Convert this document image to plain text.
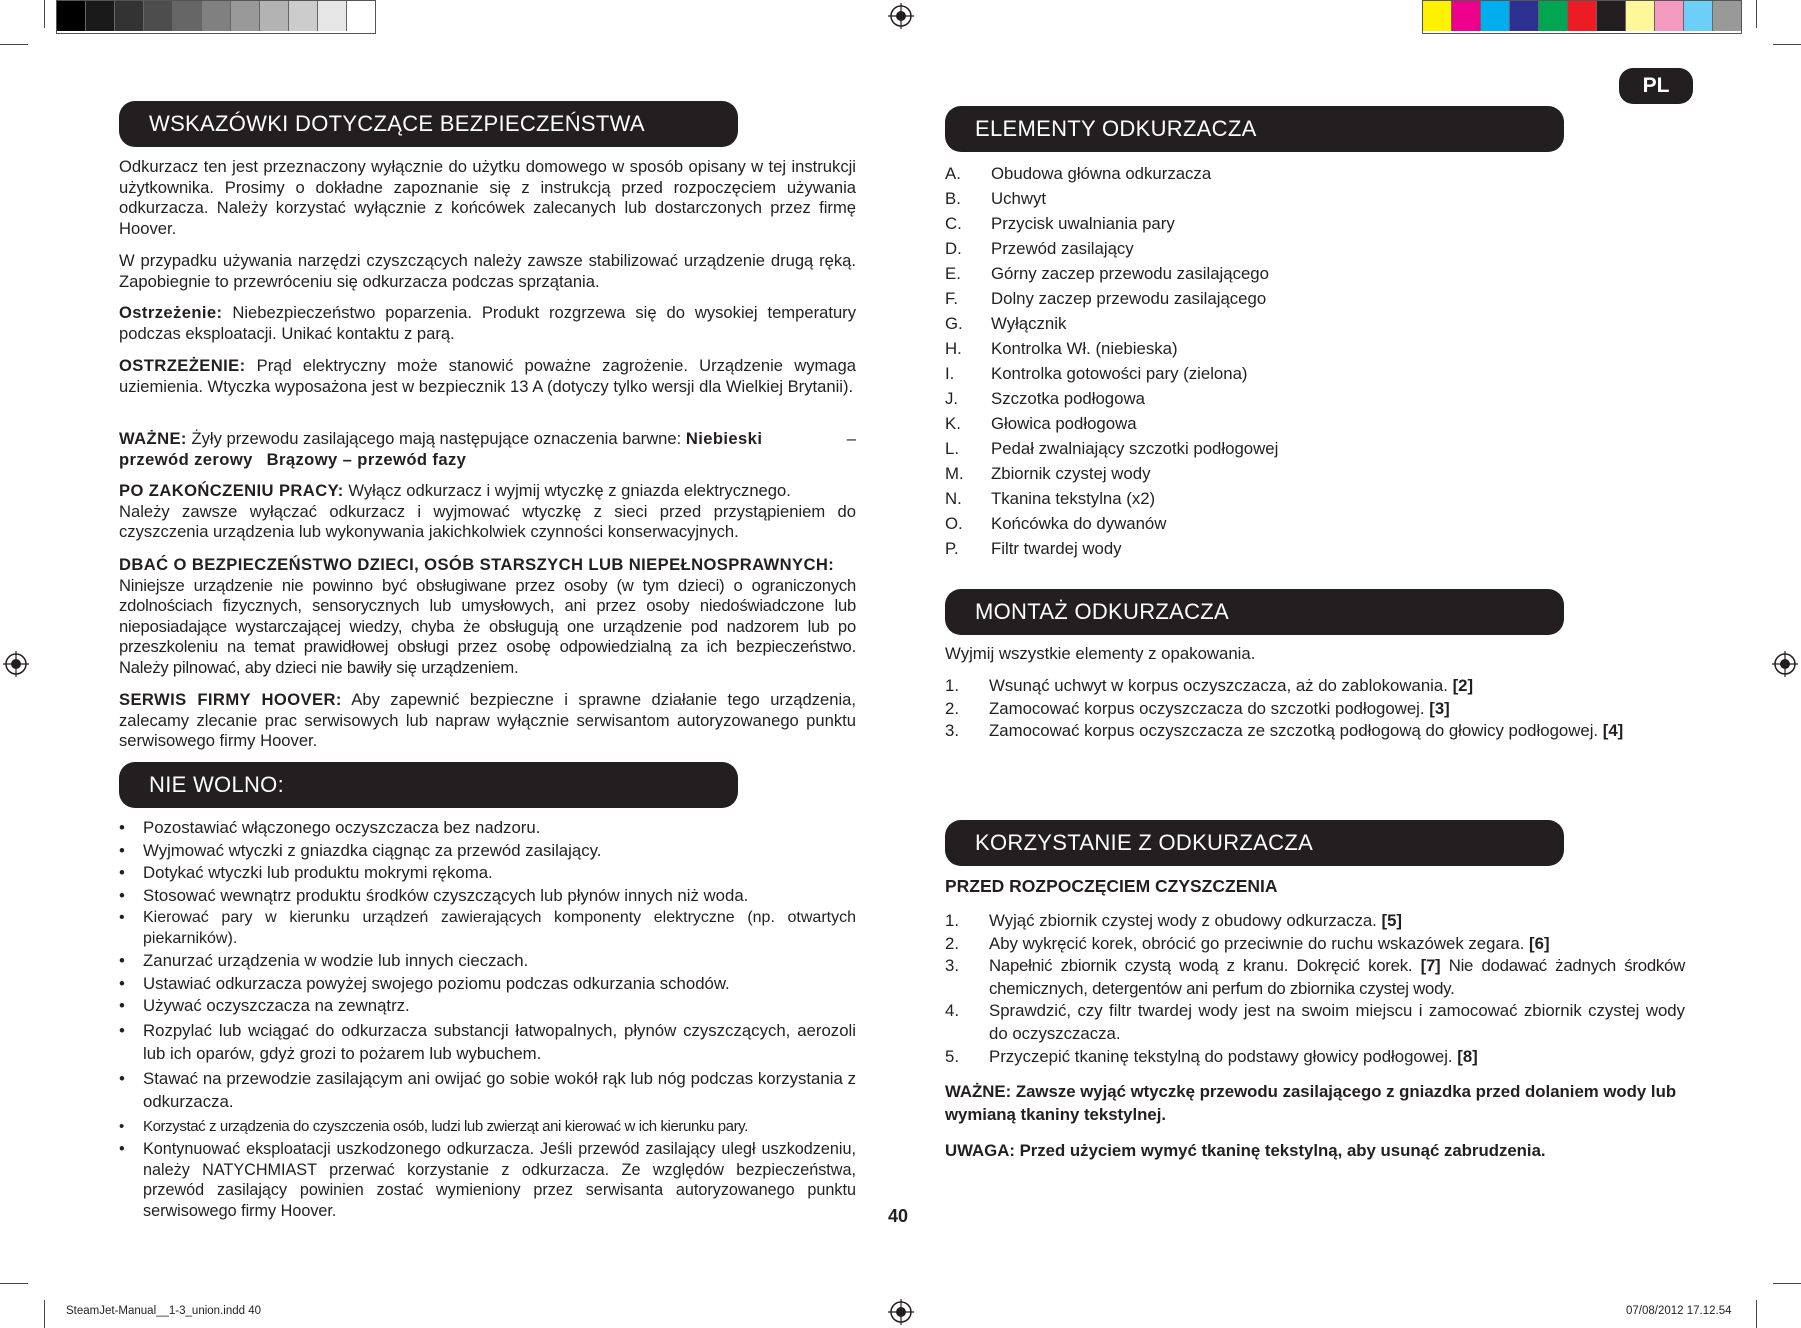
PL
WSKAZÓWKI DOTYCZĄCE BEZPIECZEŃSTWA

Odkurzacz ten jest przeznaczony wyłącznie do użytku domowego w sposób opisany w tej instrukcji użytkownika. Prosimy o dokładne zapoznanie się z instrukcją przed rozpoczęciem używania odkurzacza. Należy korzystać wyłącznie z końcówek zalecanych lub dostarczonych przez firmę Hoover.

W przypadku używania narzędzi czyszczących należy zawsze stabilizować urządzenie drugą ręką. Zapobiegnie to przewróceniu się odkurzacza podczas sprzątania.

Ostrzeżenie: Niebezpieczeństwo poparzenia. Produkt rozgrzewa się do wysokiej temperatury podczas eksploatacji. Unikać kontaktu z parą.

OSTRZEŻENIE: Prąd elektryczny może stanowić poważne zagrożenie. Urządzenie wymaga uziemienia. Wtyczka wyposażona jest w bezpiecznik 13 A (dotyczy tylko wersji dla Wielkiej Brytanii).

WAŻNE: Żyły przewodu zasilającego mają następujące oznaczenia barwne: Niebieski	–

przewód zerowy Brązowy – przewód fazy

PO ZAKOŃCZENIU PRACY: Wyłącz odkurzacz i wyjmij wtyczkę z gniazda elektrycznego.
Należy zawsze wyłączać odkurzacz i wyjmować wtyczkę z sieci przed przystąpieniem do czyszczenia urządzenia lub wykonywania jakichkolwiek czynności konserwacyjnych.

DBAĆ O BEZPIECZEŃSTWO DZIECI, OSÓB STARSZYCH LUB NIEPEŁNOSPRAWNYCH:
Niniejsze urządzenie nie powinno być obsługiwane przez osoby (w tym dzieci) o ograniczonych zdolnościach fizycznych, sensorycznych lub umysłowych, ani przez osoby niedoświadczone lub nieposiadające wystarczającej wiedzy, chyba że obsługują one urządzenie pod nadzorem lub po przeszkoleniu na temat prawidłowej obsługi przez osobę odpowiedzialną za ich bezpieczeństwo. Należy pilnować, aby dzieci nie bawiły się urządzeniem.

SERWIS FIRMY HOOVER: Aby zapewnić bezpieczne i sprawne działanie tego urządzenia, zalecamy zlecanie prac serwisowych lub napraw wyłącznie serwisantom autoryzowanego punktu serwisowego firmy Hoover.

NIE WOLNO:
• Pozostawiać włączonego oczyszczacza bez nadzoru.
• Wyjmować wtyczki z gniazdka ciągnąc za przewód zasilający.
• Dotykać wtyczki lub produktu mokrymi rękoma.
• Stosować wewnątrz produktu środków czyszczących lub płynów innych niż woda.
• Kierować pary w kierunku urządzeń zawierających komponenty elektryczne (np. otwartych piekarników).
• Zanurzać urządzenia w wodzie lub innych cieczach.
• Ustawiać odkurzacza powyżej swojego poziomu podczas odkurzania schodów.
• Używać oczyszczacza na zewnątrz.
• Rozpylać lub wciągać do odkurzacza substancji łatwopalnych, płynów czyszczących, aerozoli lub ich oparów, gdyż grozi to pożarem lub wybuchem.
• Stawać na przewodzie zasilającym ani owijać go sobie wokół rąk lub nóg podczas korzystania z odkurzacza.
• Korzystać z urządzenia do czyszczenia osób, ludzi lub zwierząt ani kierować w ich kierunku pary.
• Kontynuować eksploatacji uszkodzonego odkurzacza. Jeśli przewód zasilający uległ uszkodzeniu, należy NATYCHMIAST przerwać korzystanie z odkurzacza. Ze względów bezpieczeństwa, przewód zasilający powinien zostać wymieniony przez serwisanta autoryzowanego punktu serwisowego firmy Hoover.	40
ELEMENTY ODKURZACZA
A.	Obudowa główna odkurzacza
B.	Uchwyt
C.	Przycisk uwalniania pary
D.	Przewód zasilający
E.	Górny zaczep przewodu zasilającego
F.	Dolny zaczep przewodu zasilającego
G.	Wyłącznik
H.	Kontrolka Wł. (niebieska)
I.	Kontrolka gotowości pary (zielona)
J.	Szczotka podłogowa
K.	Głowica podłogowa
L.	Pedał zwalniający szczotki podłogowej
M.	Zbiornik czystej wody
N.	Tkanina tekstylna (x2)
O.	Końcówka do dywanów
P.	Filtr twardej wody
MONTAŻ ODKURZACZA

Wyjmij wszystkie elementy z opakowania.

1.	Wsunąć uchwyt w korpus oczyszczacza, aż do zablokowania. [2]
2.	Zamocować korpus oczyszczacza do szczotki podłogowej. [3]
3.	Zamocować korpus oczyszczacza ze szczotką podłogową do głowicy podłogowej. [4]
KORZYSTANIE Z ODKURZACZA

PRZED ROZPOCZĘCIEM CZYSZCZENIA

1.	Wyjąć zbiornik czystej wody z obudowy odkurzacza. [5]
2.	Aby wykręcić korek, obrócić go przeciwnie do ruchu wskazówek zegara. [6]
3.	Napełnić zbiornik czystą wodą z kranu. Dokręcić korek. [7] Nie dodawać żadnych środków chemicznych, detergentów ani perfum do zbiornika czystej wody.
4.	Sprawdzić, czy filtr twardej wody jest na swoim miejscu i zamocować zbiornik czystej wody do oczyszczacza.
5.	Przyczepić tkaninę tekstylną do podstawy głowicy podłogowej. [8]

WAŻNE: Zawsze wyjąć wtyczkę przewodu zasilającego z gniazdka przed dolaniem wody lub wymianą tkaniny tekstylnej.

UWAGA: Przed użyciem wymyć tkaninę tekstylną, aby usunąć zabrudzenia.

SteamJet-Manual__1-3_union.indd 40	07/08/2012 17.12.54
